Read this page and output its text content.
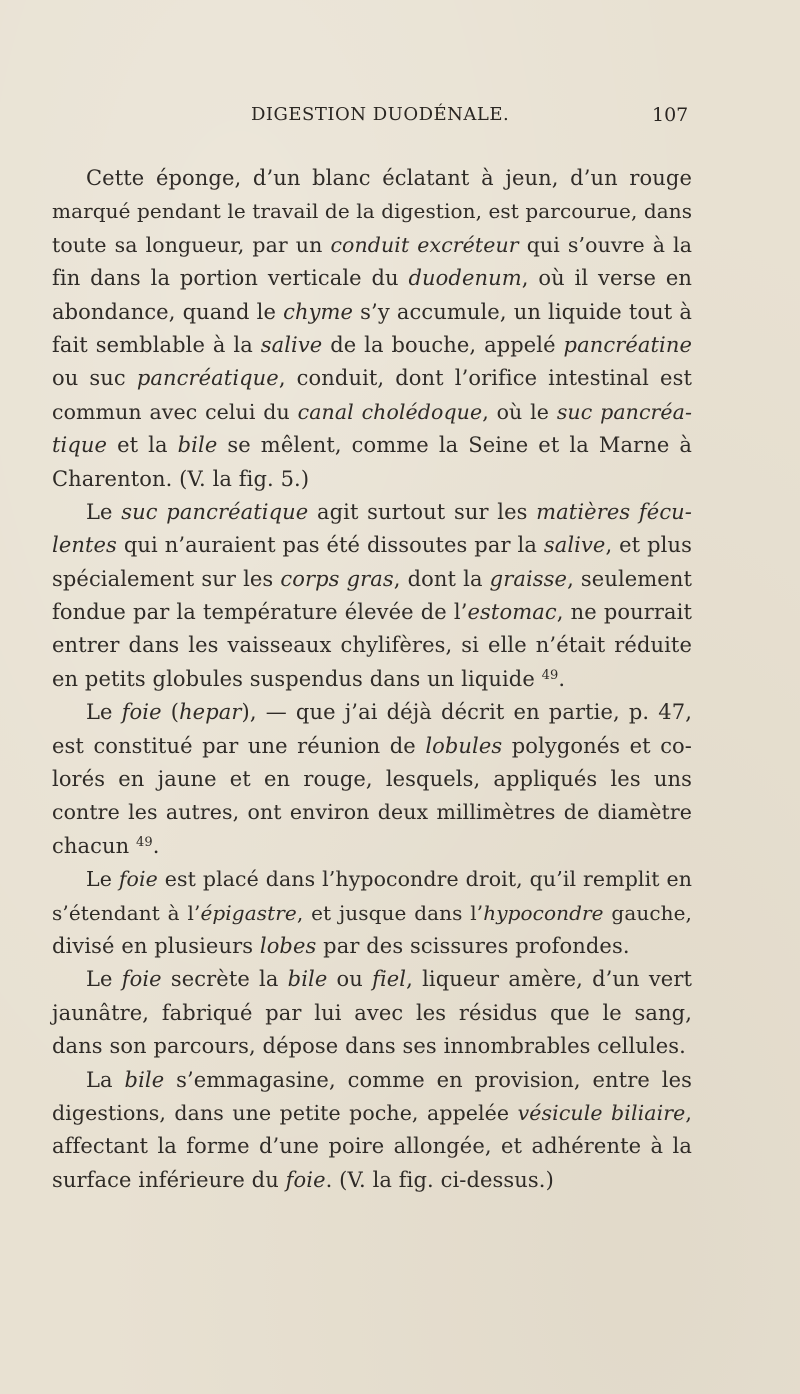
DIGESTION DUODÉNALE.	107
Cette éponge, d’un blanc éclatant à jeun, d’un rouge
marqué pendant le travail de la digestion, est parcourue, dans
toute sa longueur, par un conduit excréteur qui s’ouvre à la
fin dans la portion verticale du duodenum, où il verse en
abondance, quand le chyme s’y accumule, un liquide tout à
fait semblable à la salive de la bouche, appelé pancréatine
ou suc pancréatique, conduit, dont l’orifice intestinal est
commun avec celui du canal cholédoque, où le suc pancréa-
tique et la bile se mêlent, comme la Seine et la Marne à
Charenton. (V. la fig. 5.)
Le suc pancréatique agit surtout sur les matières fécu-
lentes qui n’auraient pas été dissoutes par la salive, et plus
spécialement sur les corps gras, dont la graisse, seulement
fondue par la température élevée de l’estomac, ne pourrait
entrer dans les vaisseaux chylifères, si elle n’était réduite
en petits globules suspendus dans un liquide $^{49}$.
Le foie (hepar), — que j’ai déjà décrit en partie, p. 47,
est constitué par une réunion de lobules polygonés et co-
lorés en jaune et en rouge, lesquels, appliqués les uns
contre les autres, ont environ deux millimètres de diamètre
chacun $^{49}$.
Le foie est placé dans l’hypocondre droit, qu’il remplit en
s’étendant à l’épigastre, et jusque dans l’hypocondre gauche,
divisé en plusieurs lobes par des scissures profondes.
Le foie secrète la bile ou fiel, liqueur amère, d’un vert
jaunâtre, fabriqué par lui avec les résidus que le sang,
dans son parcours, dépose dans ses innombrables cellules.
La bile s’emmagasine, comme en provision, entre les
digestions, dans une petite poche, appelée vésicule biliaire,
affectant la forme d’une poire allongée, et adhérente à la
surface inférieure du foie. (V. la fig. ci-dessus.)
